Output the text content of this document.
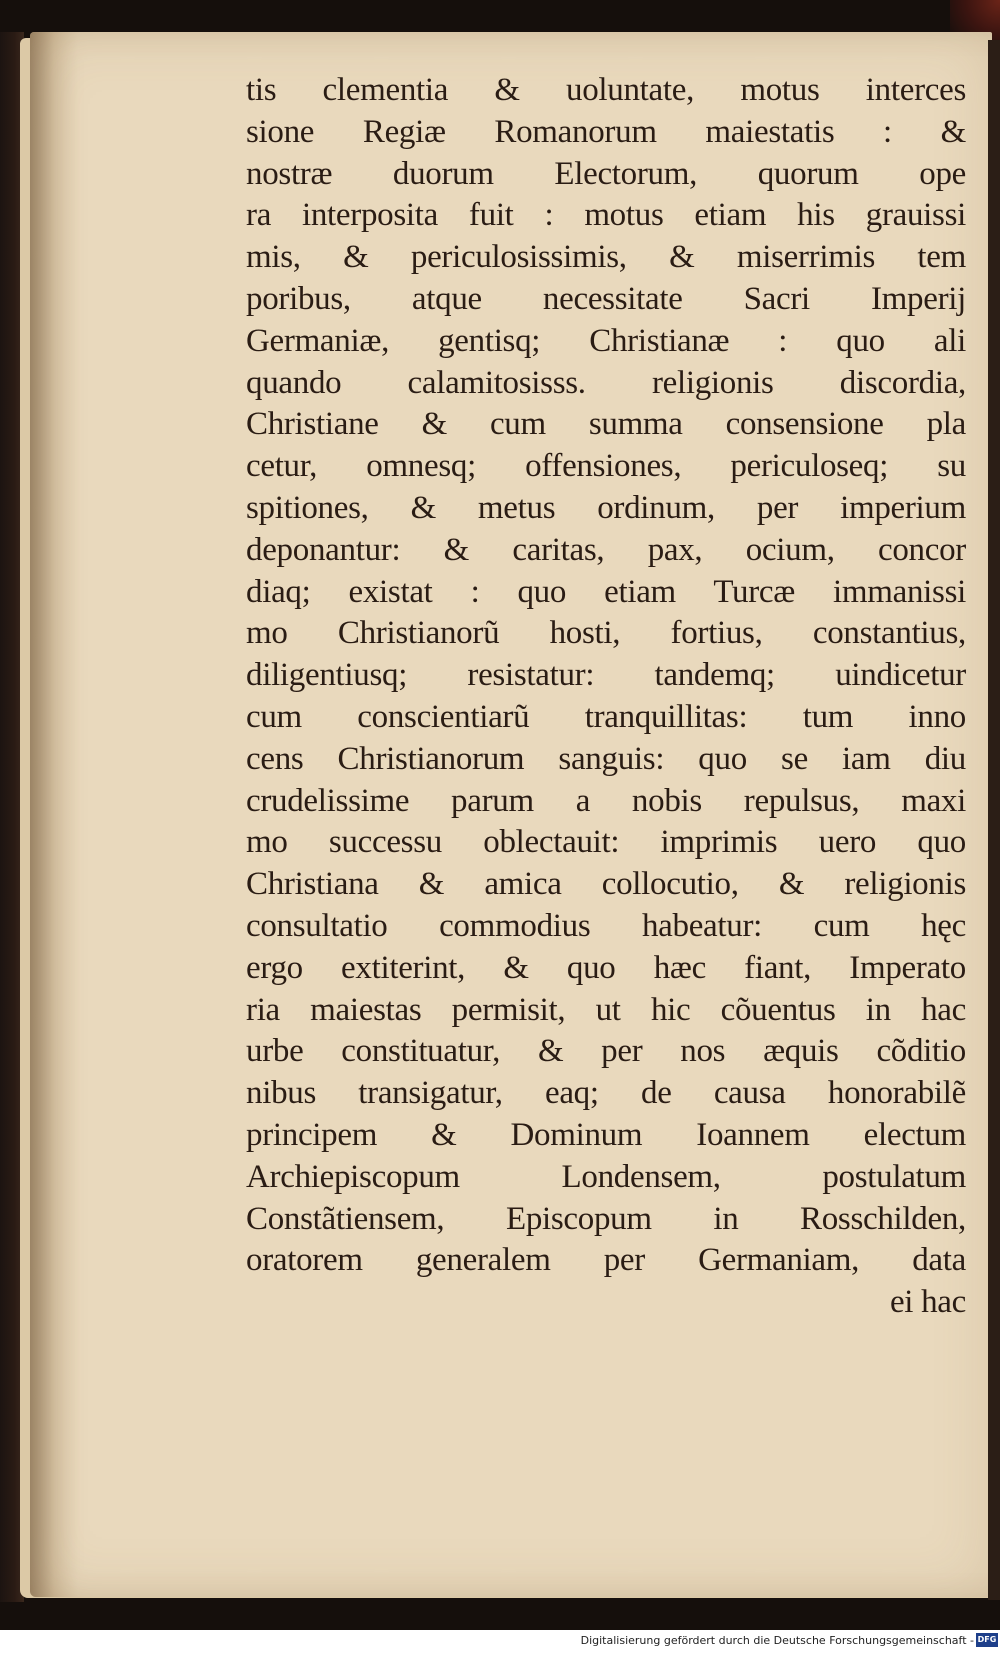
tis clementia & uoluntate, motus interces
sione Regiæ Romanorum maiestatis : &
nostræ duorum Electorum, quorum ope
ra interposita fuit : motus etiam his grauissi
mis, & periculosissimis, & miserrimis tem
poribus, atque necessitate Sacri Imperij
Germaniæ, gentisq; Christianæ : quo ali
quando calamitosisss. religionis discordia,
Christiane & cum summa consensione pla
cetur, omnesq; offensiones, periculoseq; su
spitiones, & metus ordinum, per imperium
deponantur: & caritas, pax, ocium, concor
diaq; existat : quo etiam Turcæ immanissi
mo Christianorũ hosti, fortius, constantius,
diligentiusq; resistatur: tandemq; uindicetur
cum conscientiarũ tranquillitas: tum inno
cens Christianorum sanguis: quo se iam diu
crudelissime parum a nobis repulsus, maxi
mo successu oblectauit: imprimis uero quo
Christiana & amica collocutio, & religionis
consultatio commodius habeatur: cum hęc
ergo extiterint, & quo hæc fiant, Imperato
ria maiestas permisit, ut hic cõuentus in hac
urbe constituatur, & per nos æquis cõditio
nibus transigatur, eaq; de causa honorabilẽ
principem & Dominum Ioannem electum
Archiepiscopum Londensem, postulatum
Constãtiensem, Episcopum in Rosschilden,
oratorem generalem per Germaniam, data
ei hac
Digitalisierung gefördert durch die Deutsche Forschungsgemeinschaft - DFG
